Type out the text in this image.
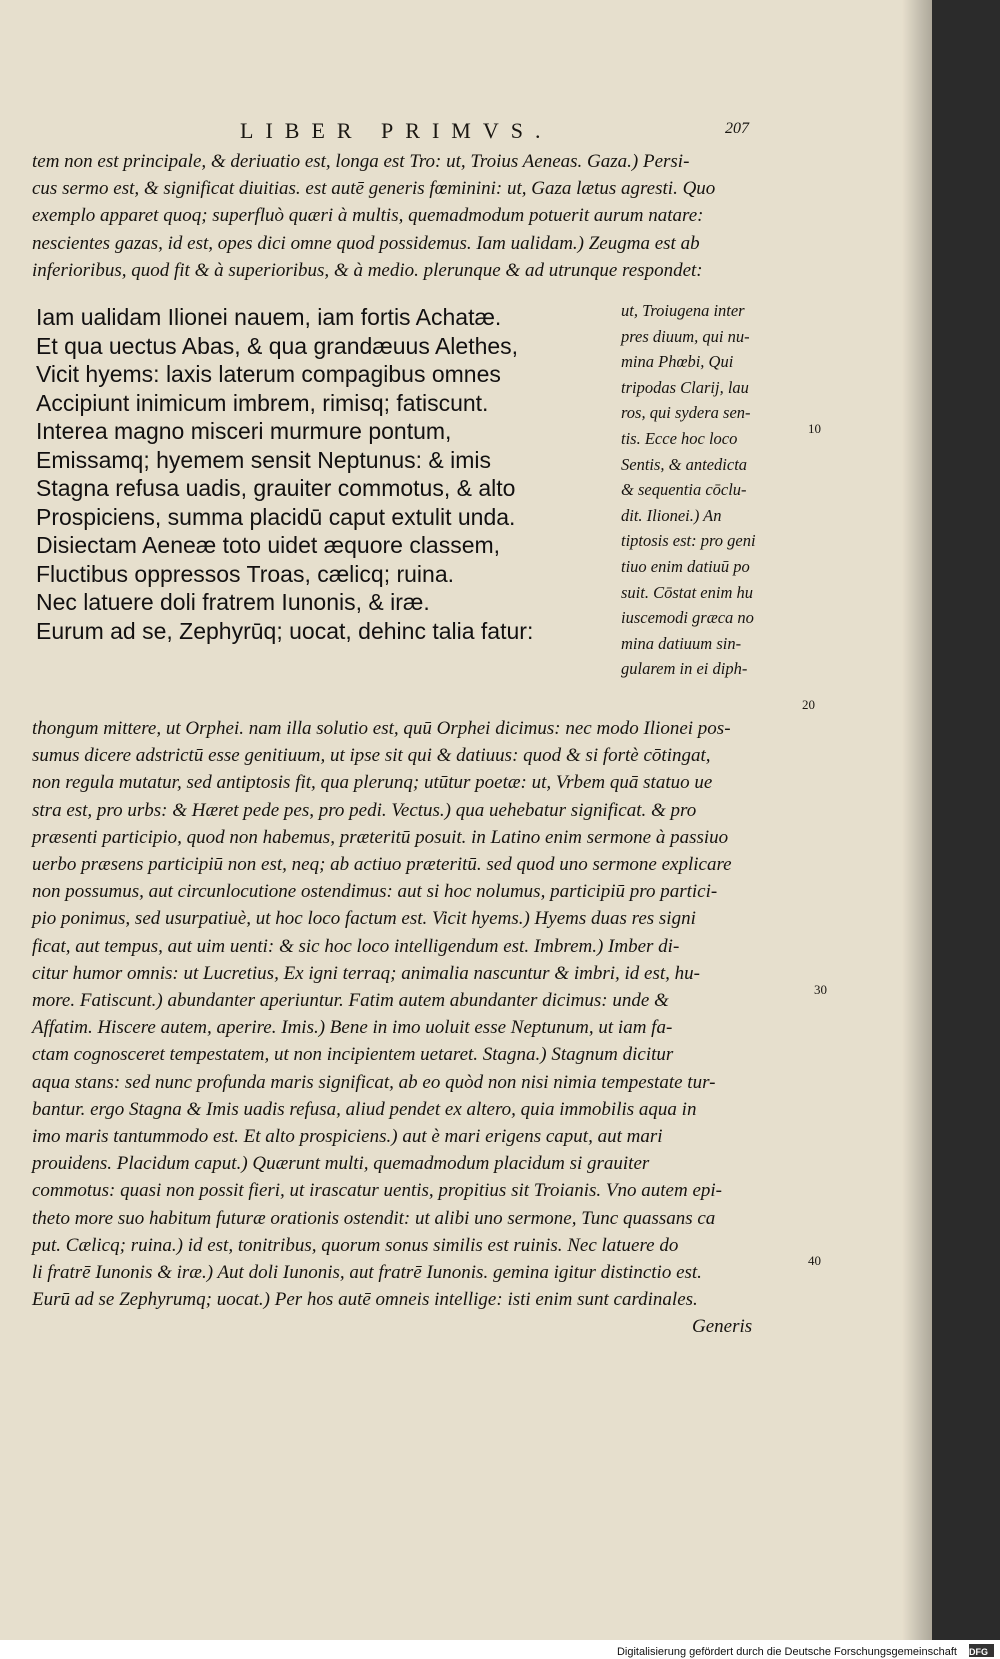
LIBER PRIMVS.	207
tem non est principale, & deriuatio est, longa est Tro: ut, Troius Aeneas. Gaza.) Persi-
cus sermo est, & significat diuitias. est autē generis fœminini: ut, Gaza lætus agresti. Quo
exemplo apparet quoq; superfluò quæri à multis, quemadmodum potuerit aurum natare:
nescientes gazas, id est, opes dici omne quod possidemus. Iam ualidam.) Zeugma est ab
inferioribus, quod fit & à superioribus, & à medio. plerunque & ad utrunque respondet:
Iam ualidam Ilionei nauem, iam fortis Achatæ.
Et qua uectus Abas, & qua grandæuus Alethes,
Vicit hyems: laxis laterum compagibus omnes
Accipiunt inimicum imbrem, rimisq; fatiscunt.
Interea magno misceri murmure pontum,
Emissamq; hyemem sensit Neptunus: & imis
Stagna refusa uadis, grauiter commotus, & alto
Prospiciens, summa placidū caput extulit unda.
Disiectam Aeneæ toto uidet æquore classem,
Fluctibus oppressos Troas, cælicq; ruina.
Nec latuere doli fratrem Iunonis, & iræ.
Eurum ad se, Zephyrūq; uocat, dehinc talia fatur:
ut, Troiugena inter
pres diuum, qui nu-
mina Phœbi, Qui
tripodas Clarij, lau
ros, qui sydera sen-
tis. Ecce hoc loco
Sentis, & antedicta
& sequentia cōclu-
dit. Ilionei.) An
tiptosis est: pro geni
tiuo enim datiuū po
suit. Cōstat enim hu
iuscemodi græca no
mina datiuum sin-
gularem in ei diph-
10
20
30
40
thongum mittere, ut Orphei. nam illa solutio est, quū Orphei dicimus: nec modo Ilionei pos-
sumus dicere adstrictū esse genitiuum, ut ipse sit qui & datiuus: quod & si fortè cōtingat,
non regula mutatur, sed antiptosis fit, qua plerunq; utūtur poetæ: ut, Vrbem quā statuo ue
stra est, pro urbs: & Hæret pede pes, pro pedi. Vectus.) qua uehebatur significat. & pro
præsenti participio, quod non habemus, præteritū posuit. in Latino enim sermone à passiuo
uerbo præsens participiū non est, neq; ab actiuo præteritū. sed quod uno sermone explicare
non possumus, aut circunlocutione ostendimus: aut si hoc nolumus, participiū pro partici-
pio ponimus, sed usurpatiuè, ut hoc loco factum est. Vicit hyems.) Hyems duas res signi
ficat, aut tempus, aut uim uenti: & sic hoc loco intelligendum est. Imbrem.) Imber di-
citur humor omnis: ut Lucretius, Ex igni terraq; animalia nascuntur & imbri, id est, hu-
more. Fatiscunt.) abundanter aperiuntur. Fatim autem abundanter dicimus: unde &
Affatim. Hiscere autem, aperire. Imis.) Bene in imo uoluit esse Neptunum, ut iam fa-
ctam cognosceret tempestatem, ut non incipientem uetaret. Stagna.) Stagnum dicitur
aqua stans: sed nunc profunda maris significat, ab eo quòd non nisi nimia tempestate tur-
bantur. ergo Stagna & Imis uadis refusa, aliud pendet ex altero, quia immobilis aqua in
imo maris tantummodo est. Et alto prospiciens.) aut è mari erigens caput, aut mari
prouidens. Placidum caput.) Quærunt multi, quemadmodum placidum si grauiter
commotus: quasi non possit fieri, ut irascatur uentis, propitius sit Troianis. Vno autem epi-
theto more suo habitum futuræ orationis ostendit: ut alibi uno sermone, Tunc quassans ca
put. Cælicq; ruina.) id est, tonitribus, quorum sonus similis est ruinis. Nec latuere do
li fratrē Iunonis & iræ.) Aut doli Iunonis, aut fratrē Iunonis. gemina igitur distinctio est.
Eurū ad se Zephyrumq; uocat.) Per hos autē omneis intellige: isti enim sunt cardinales.
Generis
Digitalisierung gefördert durch die Deutsche Forschungsgemeinschaft DFG
